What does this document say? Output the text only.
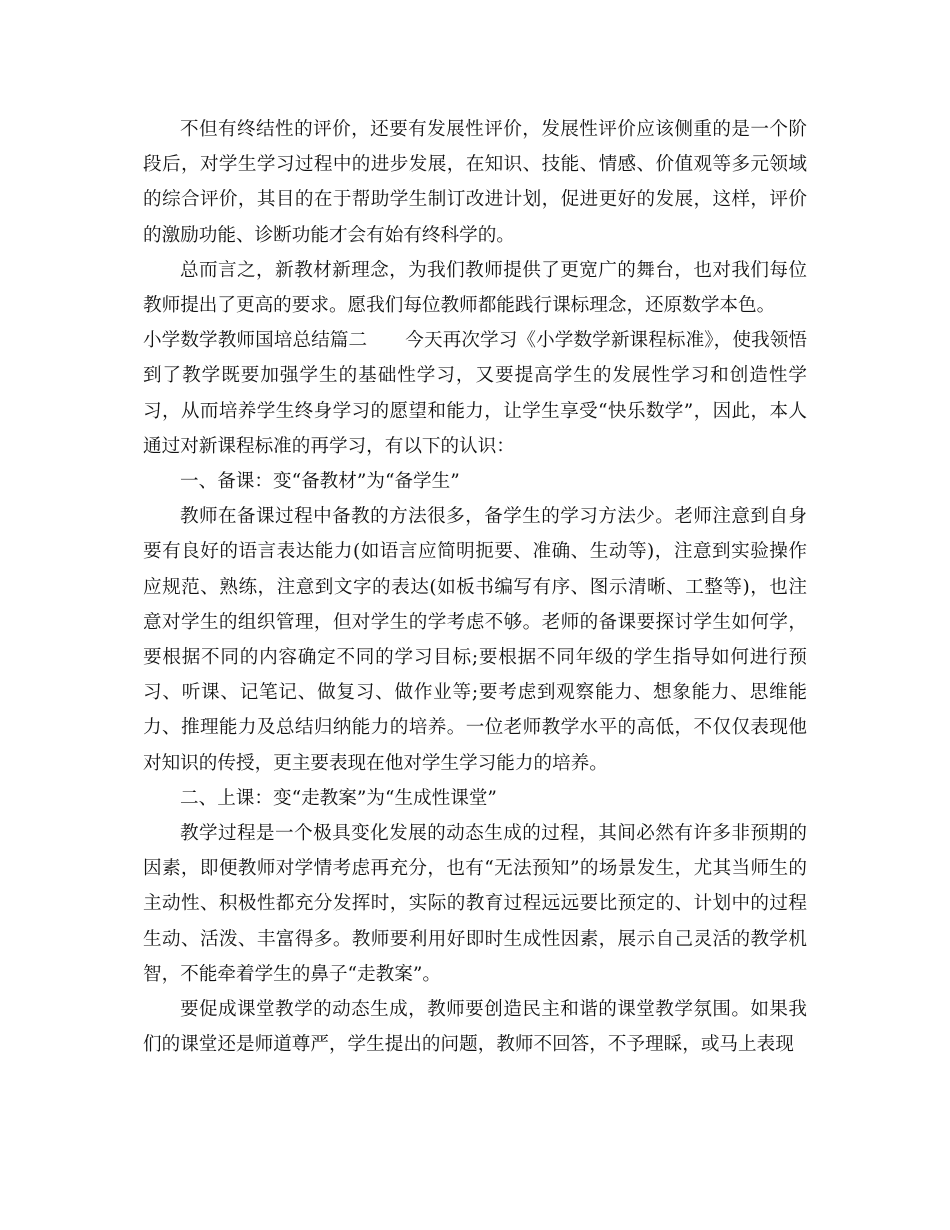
不但有终结性的评价，还要有发展性评价，发展性评价应该侧重的是一个阶段后，对学生学习过程中的进步发展，在知识、技能、情感、价值观等多元领域的综合评价，其目的在于帮助学生制订改进计划，促进更好的发展，这样，评价的激励功能、诊断功能才会有始有终科学的。

总而言之，新教材新理念，为我们教师提供了更宽广的舞台，也对我们每位教师提出了更高的要求。愿我们每位教师都能践行课标理念，还原数学本色。

小学数学教师国培总结篇二 今天再次学习《小学数学新课程标准》，使我领悟到了教学既要加强学生的基础性学习，又要提高学生的发展性学习和创造性学习，从而培养学生终身学习的愿望和能力，让学生享受“快乐数学”，因此，本人通过对新课程标准的再学习，有以下的认识：

一、备课：变“备教材”为“备学生”

教师在备课过程中备教的方法很多，备学生的学习方法少。老师注意到自身要有良好的语言表达能力(如语言应简明扼要、准确、生动等)，注意到实验操作应规范、熟练，注意到文字的表达(如板书编写有序、图示清晰、工整等)，也注意对学生的组织管理，但对学生的学考虑不够。老师的备课要探讨学生如何学，要根据不同的内容确定不同的学习目标;要根据不同年级的学生指导如何进行预习、听课、记笔记、做复习、做作业等;要考虑到观察能力、想象能力、思维能力、推理能力及总结归纳能力的培养。一位老师教学水平的高低，不仅仅表现他对知识的传授，更主要表现在他对学生学习能力的培养。

二、上课：变“走教案”为“生成性课堂”

教学过程是一个极具变化发展的动态生成的过程，其间必然有许多非预期的因素，即便教师对学情考虑再充分，也有“无法预知”的场景发生，尤其当师生的主动性、积极性都充分发挥时，实际的教育过程远远要比预定的、计划中的过程生动、活泼、丰富得多。教师要利用好即时生成性因素，展示自己灵活的教学机智，不能牵着学生的鼻子“走教案”。

要促成课堂教学的动态生成，教师要创造民主和谐的课堂教学氛围。如果我们的课堂还是师道尊严，学生提出的问题，教师不回答，不予理睬，或马上表现
